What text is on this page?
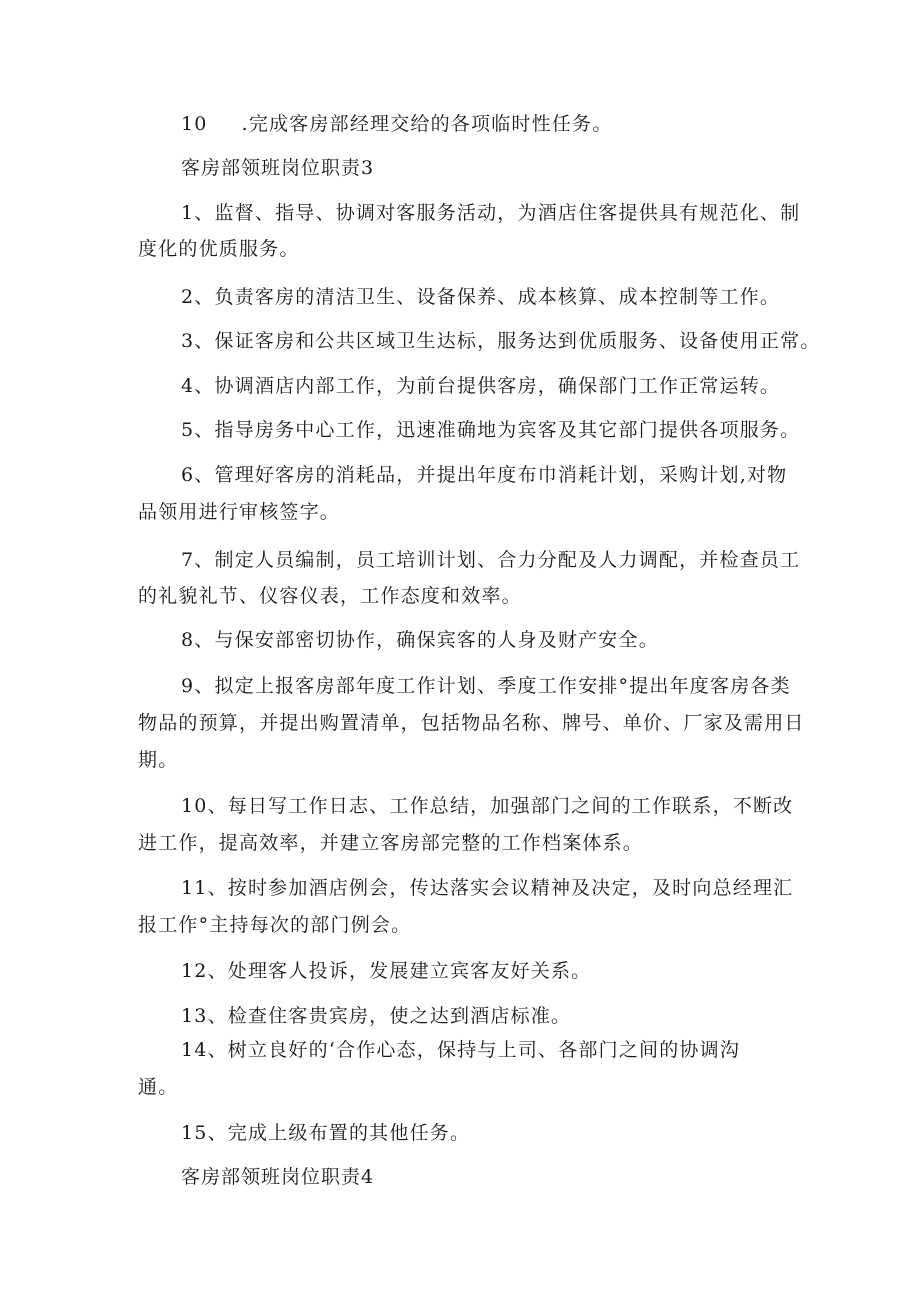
10 .完成客房部经理交给的各项临时性任务。
客房部领班岗位职责3
1、监督、指导、协调对客服务活动，为酒店住客提供具有规范化、制
度化的优质服务。
2、负责客房的清洁卫生、设备保养、成本核算、成本控制等工作。
3、保证客房和公共区域卫生达标，服务达到优质服务、设备使用正常。
4、协调酒店内部工作，为前台提供客房，确保部门工作正常运转。
5、指导房务中心工作，迅速准确地为宾客及其它部门提供各项服务。
6、管理好客房的消耗品，并提出年度布巾消耗计划，采购计划,对物
品领用进行审核签字。
7、制定人员编制，员工培训计划、合力分配及人力调配，并检查员工
的礼貌礼节、仪容仪表，工作态度和效率。
8、与保安部密切协作，确保宾客的人身及财产安全。
9、拟定上报客房部年度工作计划、季度工作安排°提出年度客房各类
物品的预算，并提出购置清单，包括物品名称、牌号、单价、厂家及需用日
期。
10、每日写工作日志、工作总结，加强部门之间的工作联系，不断改
进工作，提高效率，并建立客房部完整的工作档案体系。
11、按时参加酒店例会，传达落实会议精神及决定，及时向总经理汇
报工作°主持每次的部门例会。
12、处理客人投诉，发展建立宾客友好关系。
13、检查住客贵宾房，使之达到酒店标准。
14、树立良好的‘合作心态，保持与上司、各部门之间的协调沟
通。
15、完成上级布置的其他任务。
客房部领班岗位职责4
